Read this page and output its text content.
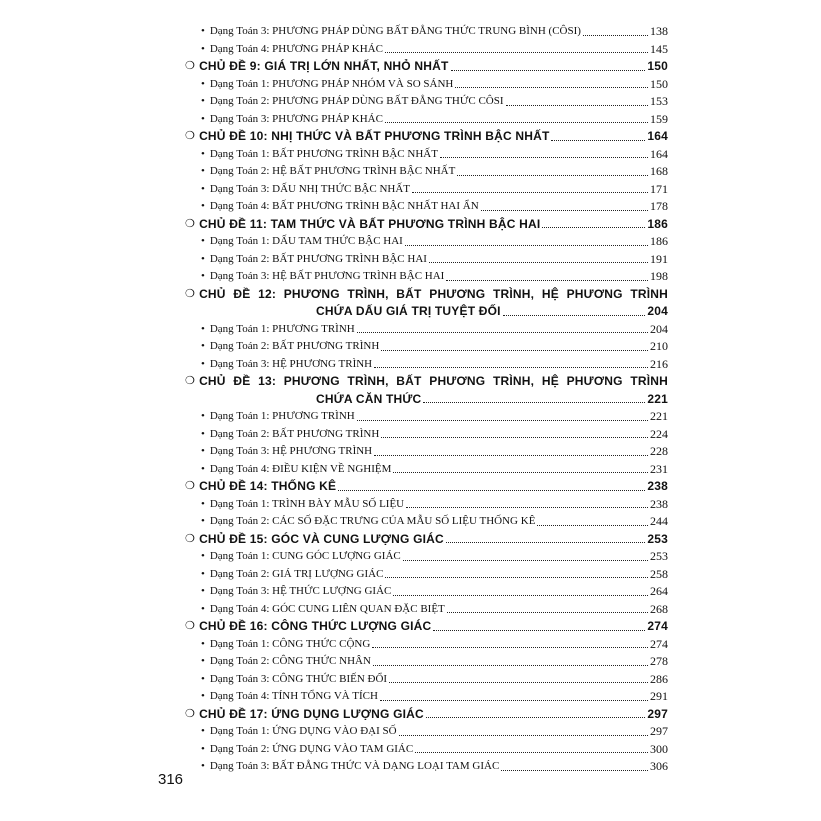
• Dạng Toán 3: PHƯƠNG PHÁP DÙNG BẤT ĐẲNG THỨC TRUNG BÌNH (CÔSI)	138
• Dạng Toán 4: PHƯƠNG PHÁP KHÁC	145
❍ CHỦ ĐỀ 9: GIÁ TRỊ LỚN NHẤT, NHỎ NHẤT	150
• Dạng Toán 1: PHƯƠNG PHÁP NHÓM VÀ SO SÁNH	150
• Dạng Toán 2: PHƯƠNG PHÁP DÙNG BẤT ĐẲNG THỨC CÔSI	153
• Dạng Toán 3: PHƯƠNG PHÁP KHÁC	159
❍ CHỦ ĐỀ 10: NHỊ THỨC VÀ BẤT PHƯƠNG TRÌNH BẬC NHẤT	164
• Dạng Toán 1: BẤT PHƯƠNG TRÌNH BẬC NHẤT	164
• Dạng Toán 2: HỆ BẤT PHƯƠNG TRÌNH BẬC NHẤT	168
• Dạng Toán 3: DẤU NHỊ THỨC BẬC NHẤT	171
• Dạng Toán 4: BẤT PHƯƠNG TRÌNH BẬC NHẤT HAI ẨN	178
❍ CHỦ ĐỀ 11: TAM THỨC VÀ BẤT PHƯƠNG TRÌNH BẬC HAI	186
• Dạng Toán 1: DẤU TAM THỨC BẬC HAI	186
• Dạng Toán 2: BẤT PHƯƠNG TRÌNH BẬC HAI	191
• Dạng Toán 3: HỆ BẤT PHƯƠNG TRÌNH BẬC HAI	198
❍ CHỦ ĐỀ 12: PHƯƠNG TRÌNH, BẤT PHƯƠNG TRÌNH, HỆ PHƯƠNG TRÌNH
CHỨA DẤU GIÁ TRỊ TUYỆT ĐỐI	204
• Dạng Toán 1: PHƯƠNG TRÌNH	204
• Dạng Toán 2: BẤT PHƯƠNG TRÌNH	210
• Dạng Toán 3: HỆ PHƯƠNG TRÌNH	216
❍ CHỦ ĐỀ 13: PHƯƠNG TRÌNH, BẤT PHƯƠNG TRÌNH, HỆ PHƯƠNG TRÌNH
CHỨA CĂN THỨC	221
• Dạng Toán 1: PHƯƠNG TRÌNH	221
• Dạng Toán 2: BẤT PHƯƠNG TRÌNH	224
• Dạng Toán 3: HỆ PHƯƠNG TRÌNH	228
• Dạng Toán 4: ĐIỀU KIỆN VỀ NGHIỆM	231
❍ CHỦ ĐỀ 14: THỐNG KÊ	238
• Dạng Toán 1: TRÌNH BÀY MẪU SỐ LIỆU	238
• Dạng Toán 2: CÁC SỐ ĐẶC TRƯNG CỦA MẪU SỐ LIỆU THỐNG KÊ	244
❍ CHỦ ĐỀ 15: GÓC VÀ CUNG LƯỢNG GIÁC	253
• Dạng Toán 1: CUNG GÓC LƯỢNG GIÁC	253
• Dạng Toán 2: GIÁ TRỊ LƯỢNG GIÁC	258
• Dạng Toán 3: HỆ THỨC LƯỢNG GIÁC	264
• Dạng Toán 4: GÓC CUNG LIÊN QUAN ĐẶC BIỆT	268
❍ CHỦ ĐỀ 16: CÔNG THỨC LƯỢNG GIÁC	274
• Dạng Toán 1: CÔNG THỨC CỘNG	274
• Dạng Toán 2: CÔNG THỨC NHÂN	278
• Dạng Toán 3: CÔNG THỨC BIẾN ĐỔI	286
• Dạng Toán 4: TÍNH TỔNG VÀ TÍCH	291
❍ CHỦ ĐỀ 17: ỨNG DỤNG LƯỢNG GIÁC	297
• Dạng Toán 1: ỨNG DỤNG VÀO ĐẠI SỐ	297
• Dạng Toán 2: ỨNG DỤNG VÀO TAM GIÁC	300
• Dạng Toán 3: BẤT ĐẲNG THỨC VÀ DẠNG LOẠI TAM GIÁC	306
316
